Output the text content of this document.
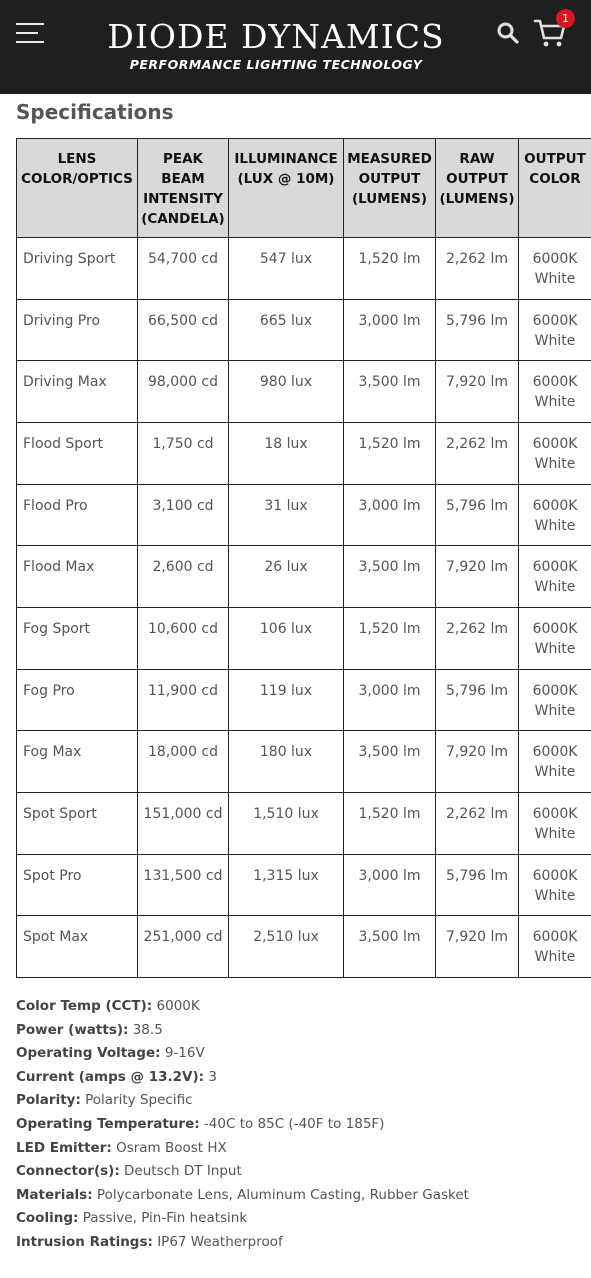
DIODE DYNAMICS
PERFORMANCE LIGHTING TECHNOLOGY
1
Specifications
LENS COLOR/OPTICS	PEAK BEAM INTENSITY (CANDELA)	ILLUMINANCE (LUX @ 10M)	MEASURED OUTPUT (LUMENS)	RAW OUTPUT (LUMENS)	OUTPUT COLOR
Driving Sport	54,700 cd	547 lux	1,520 lm	2,262 lm	6000K White
Driving Pro	66,500 cd	665 lux	3,000 lm	5,796 lm	6000K White
Driving Max	98,000 cd	980 lux	3,500 lm	7,920 lm	6000K White
Flood Sport	1,750 cd	18 lux	1,520 lm	2,262 lm	6000K White
Flood Pro	3,100 cd	31 lux	3,000 lm	5,796 lm	6000K White
Flood Max	2,600 cd	26 lux	3,500 lm	7,920 lm	6000K White
Fog Sport	10,600 cd	106 lux	1,520 lm	2,262 lm	6000K White
Fog Pro	11,900 cd	119 lux	3,000 lm	5,796 lm	6000K White
Fog Max	18,000 cd	180 lux	3,500 lm	7,920 lm	6000K White
Spot Sport	151,000 cd	1,510 lux	1,520 lm	2,262 lm	6000K White
Spot Pro	131,500 cd	1,315 lux	3,000 lm	5,796 lm	6000K White
Spot Max	251,000 cd	2,510 lux	3,500 lm	7,920 lm	6000K White
Color Temp (CCT): 6000K
Power (watts): 38.5
Operating Voltage: 9-16V
Current (amps @ 13.2V): 3
Polarity: Polarity Specific
Operating Temperature: -40C to 85C (-40F to 185F)
LED Emitter: Osram Boost HX
Connector(s): Deutsch DT Input
Materials: Polycarbonate Lens, Aluminum Casting, Rubber Gasket
Cooling: Passive, Pin-Fin heatsink
Intrusion Ratings: IP67 Weatherproof
